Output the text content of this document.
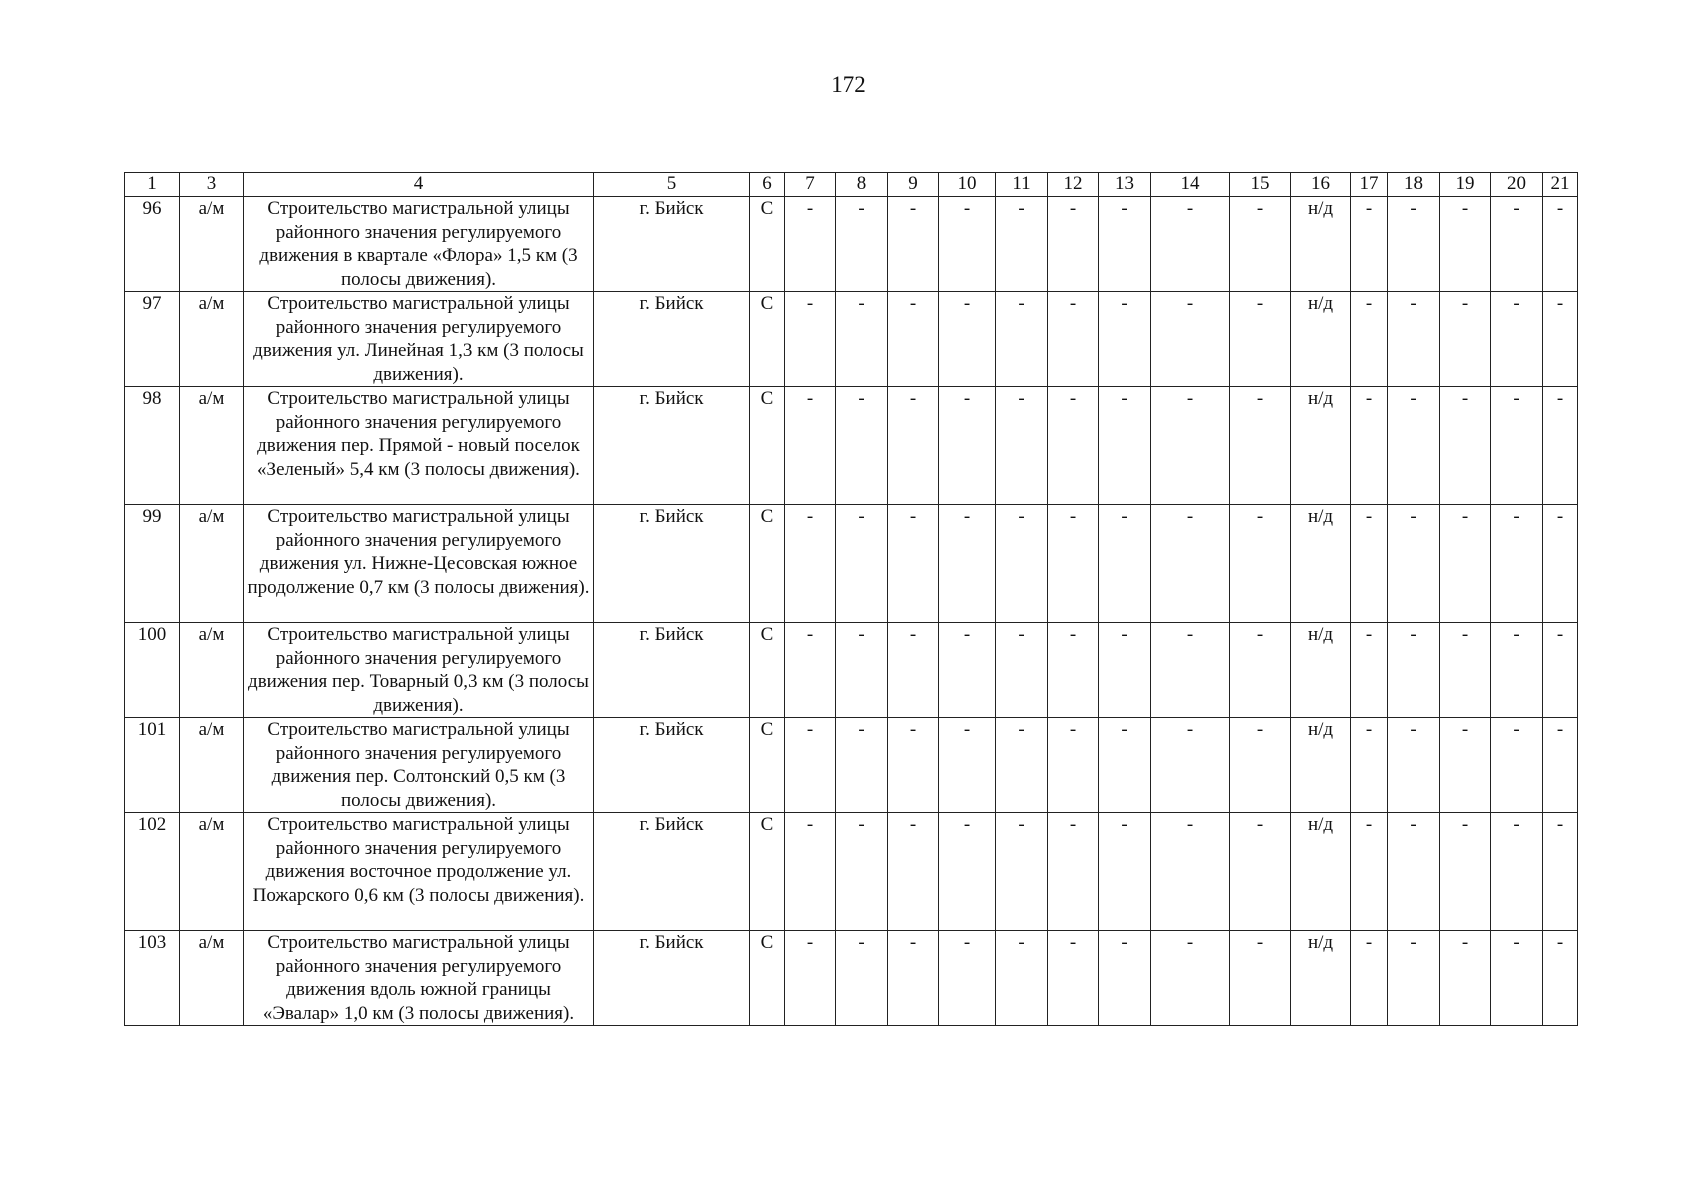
172
1	3	4	5	6	7	8	9	10	11	12	13	14	15	16	17	18	19	20	21
96	а/м	Строительство магистральной улицы районного значения регулируемого движения в квартале «Флора» 1,5 км (3 полосы движения).	г. Бийск	С	-	-	-	-	-	-	-	-	-	н/д	-	-	-	-	-
97	а/м	Строительство магистральной улицы районного значения регулируемого движения ул. Линейная 1,3 км (3 полосы движения).	г. Бийск	С	-	-	-	-	-	-	-	-	-	н/д	-	-	-	-	-
98	а/м	Строительство магистральной улицы районного значения регулируемого движения пер. Прямой - новый поселок «Зеленый» 5,4 км (3 полосы движения).	г. Бийск	С	-	-	-	-	-	-	-	-	-	н/д	-	-	-	-	-
99	а/м	Строительство магистральной улицы районного значения регулируемого движения ул. Нижне-Цесовская южное продолжение 0,7 км (3 полосы движения).	г. Бийск	С	-	-	-	-	-	-	-	-	-	н/д	-	-	-	-	-
100	а/м	Строительство магистральной улицы районного значения регулируемого движения пер. Товарный 0,3 км (3 полосы движения).	г. Бийск	С	-	-	-	-	-	-	-	-	-	н/д	-	-	-	-	-
101	а/м	Строительство магистральной улицы районного значения регулируемого движения пер. Солтонский 0,5 км (3 полосы движения).	г. Бийск	С	-	-	-	-	-	-	-	-	-	н/д	-	-	-	-	-
102	а/м	Строительство магистральной улицы районного значения регулируемого движения восточное продолжение ул. Пожарского 0,6 км (3 полосы движения).	г. Бийск	С	-	-	-	-	-	-	-	-	-	н/д	-	-	-	-	-
103	а/м	Строительство магистральной улицы районного значения регулируемого движения вдоль южной границы «Эвалар» 1,0 км (3 полосы движения).	г. Бийск	С	-	-	-	-	-	-	-	-	-	н/д	-	-	-	-	-
